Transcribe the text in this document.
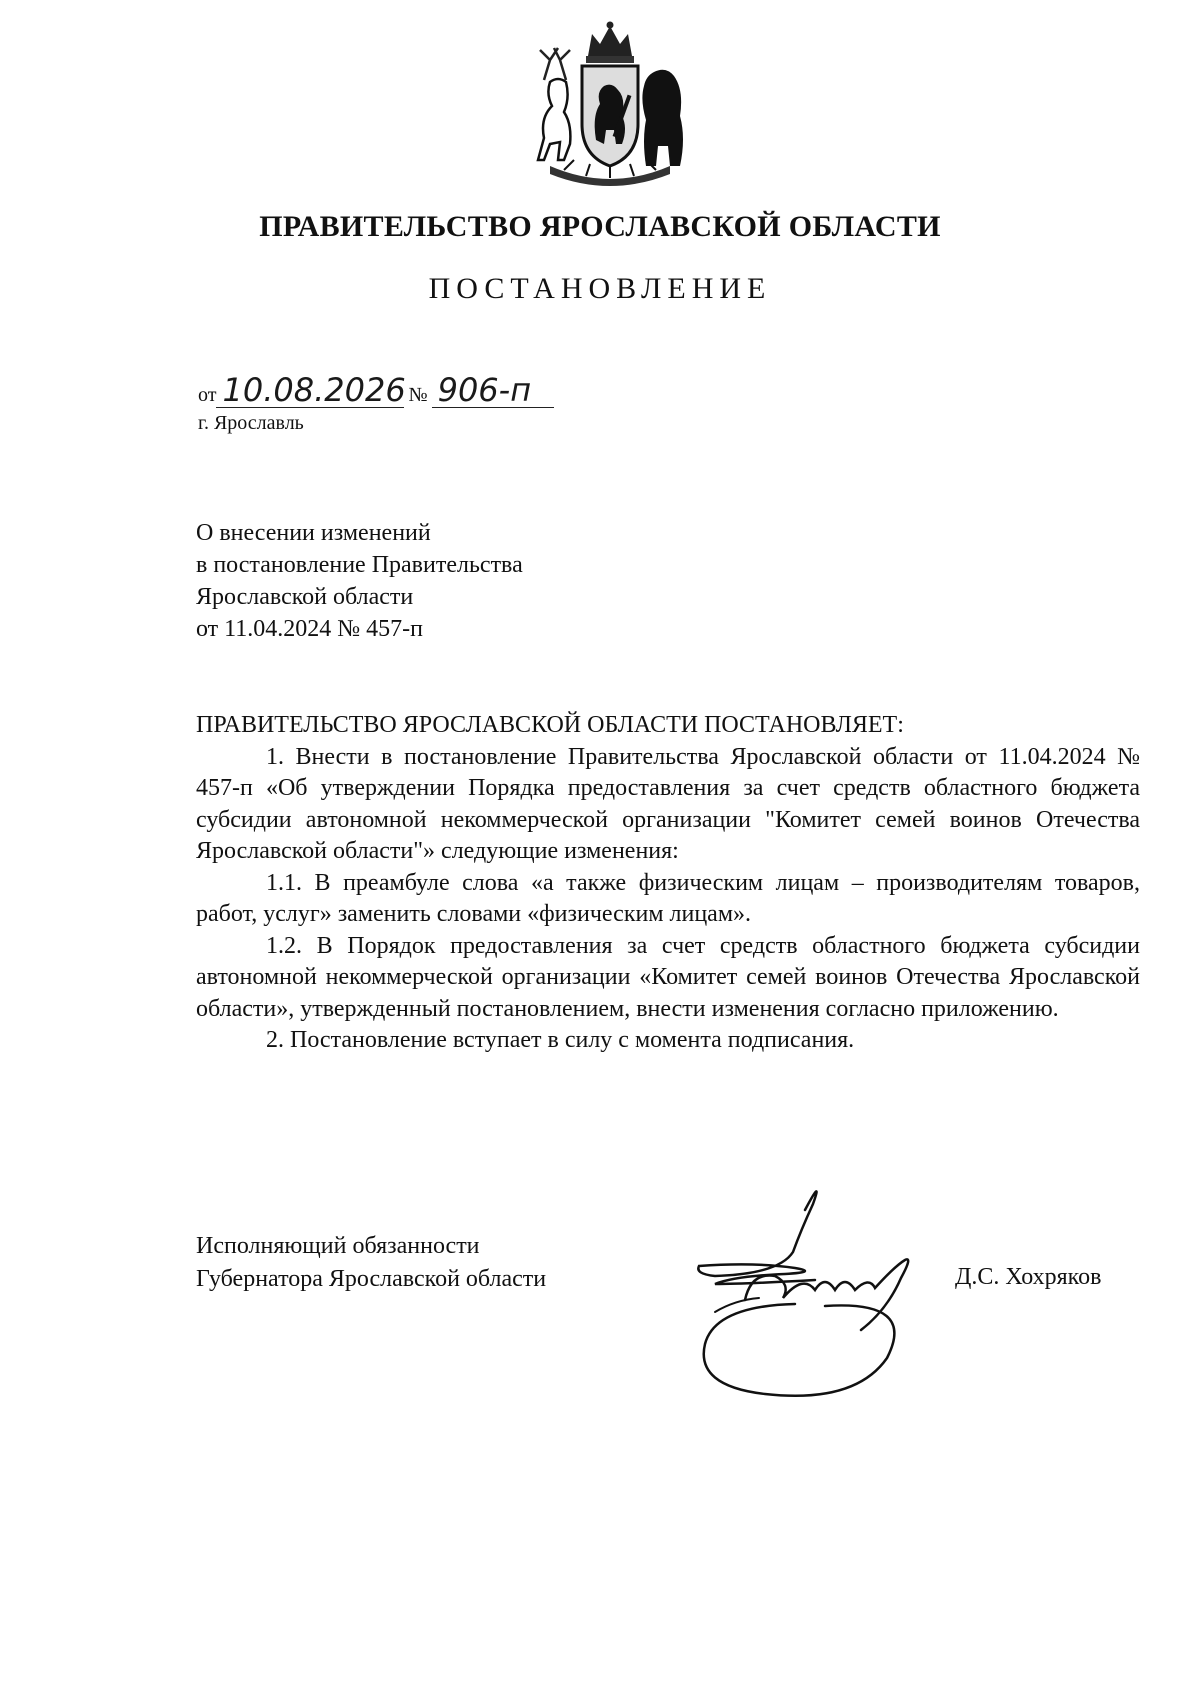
ПРАВИТЕЛЬСТВО ЯРОСЛАВСКОЙ ОБЛАСТИ
ПОСТАНОВЛЕНИЕ
от 10.08.2026 № 906-п
г. Ярославль
О внесении изменений
в постановление Правительства
Ярославской области
от 11.04.2024 № 457-п

ПРАВИТЕЛЬСТВО ЯРОСЛАВСКОЙ ОБЛАСТИ ПОСТАНОВЛЯЕТ:

1. Внести в постановление Правительства Ярославской области от 11.04.2024 № 457-п «Об утверждении Порядка предоставления за счет средств областного бюджета субсидии автономной некоммерческой организации "Комитет семей воинов Отечества Ярославской области"» следующие изменения:

1.1. В преамбуле слова «а также физическим лицам – производителям товаров, работ, услуг» заменить словами «физическим лицам».

1.2. В Порядок предоставления за счет средств областного бюджета субсидии автономной некоммерческой организации «Комитет семей воинов Отечества Ярославской области», утвержденный постановлением, внести изменения согласно приложению.

2. Постановление вступает в силу с момента подписания.

Исполняющий обязанности
Губернатора Ярославской области	Д.С. Хохряков
